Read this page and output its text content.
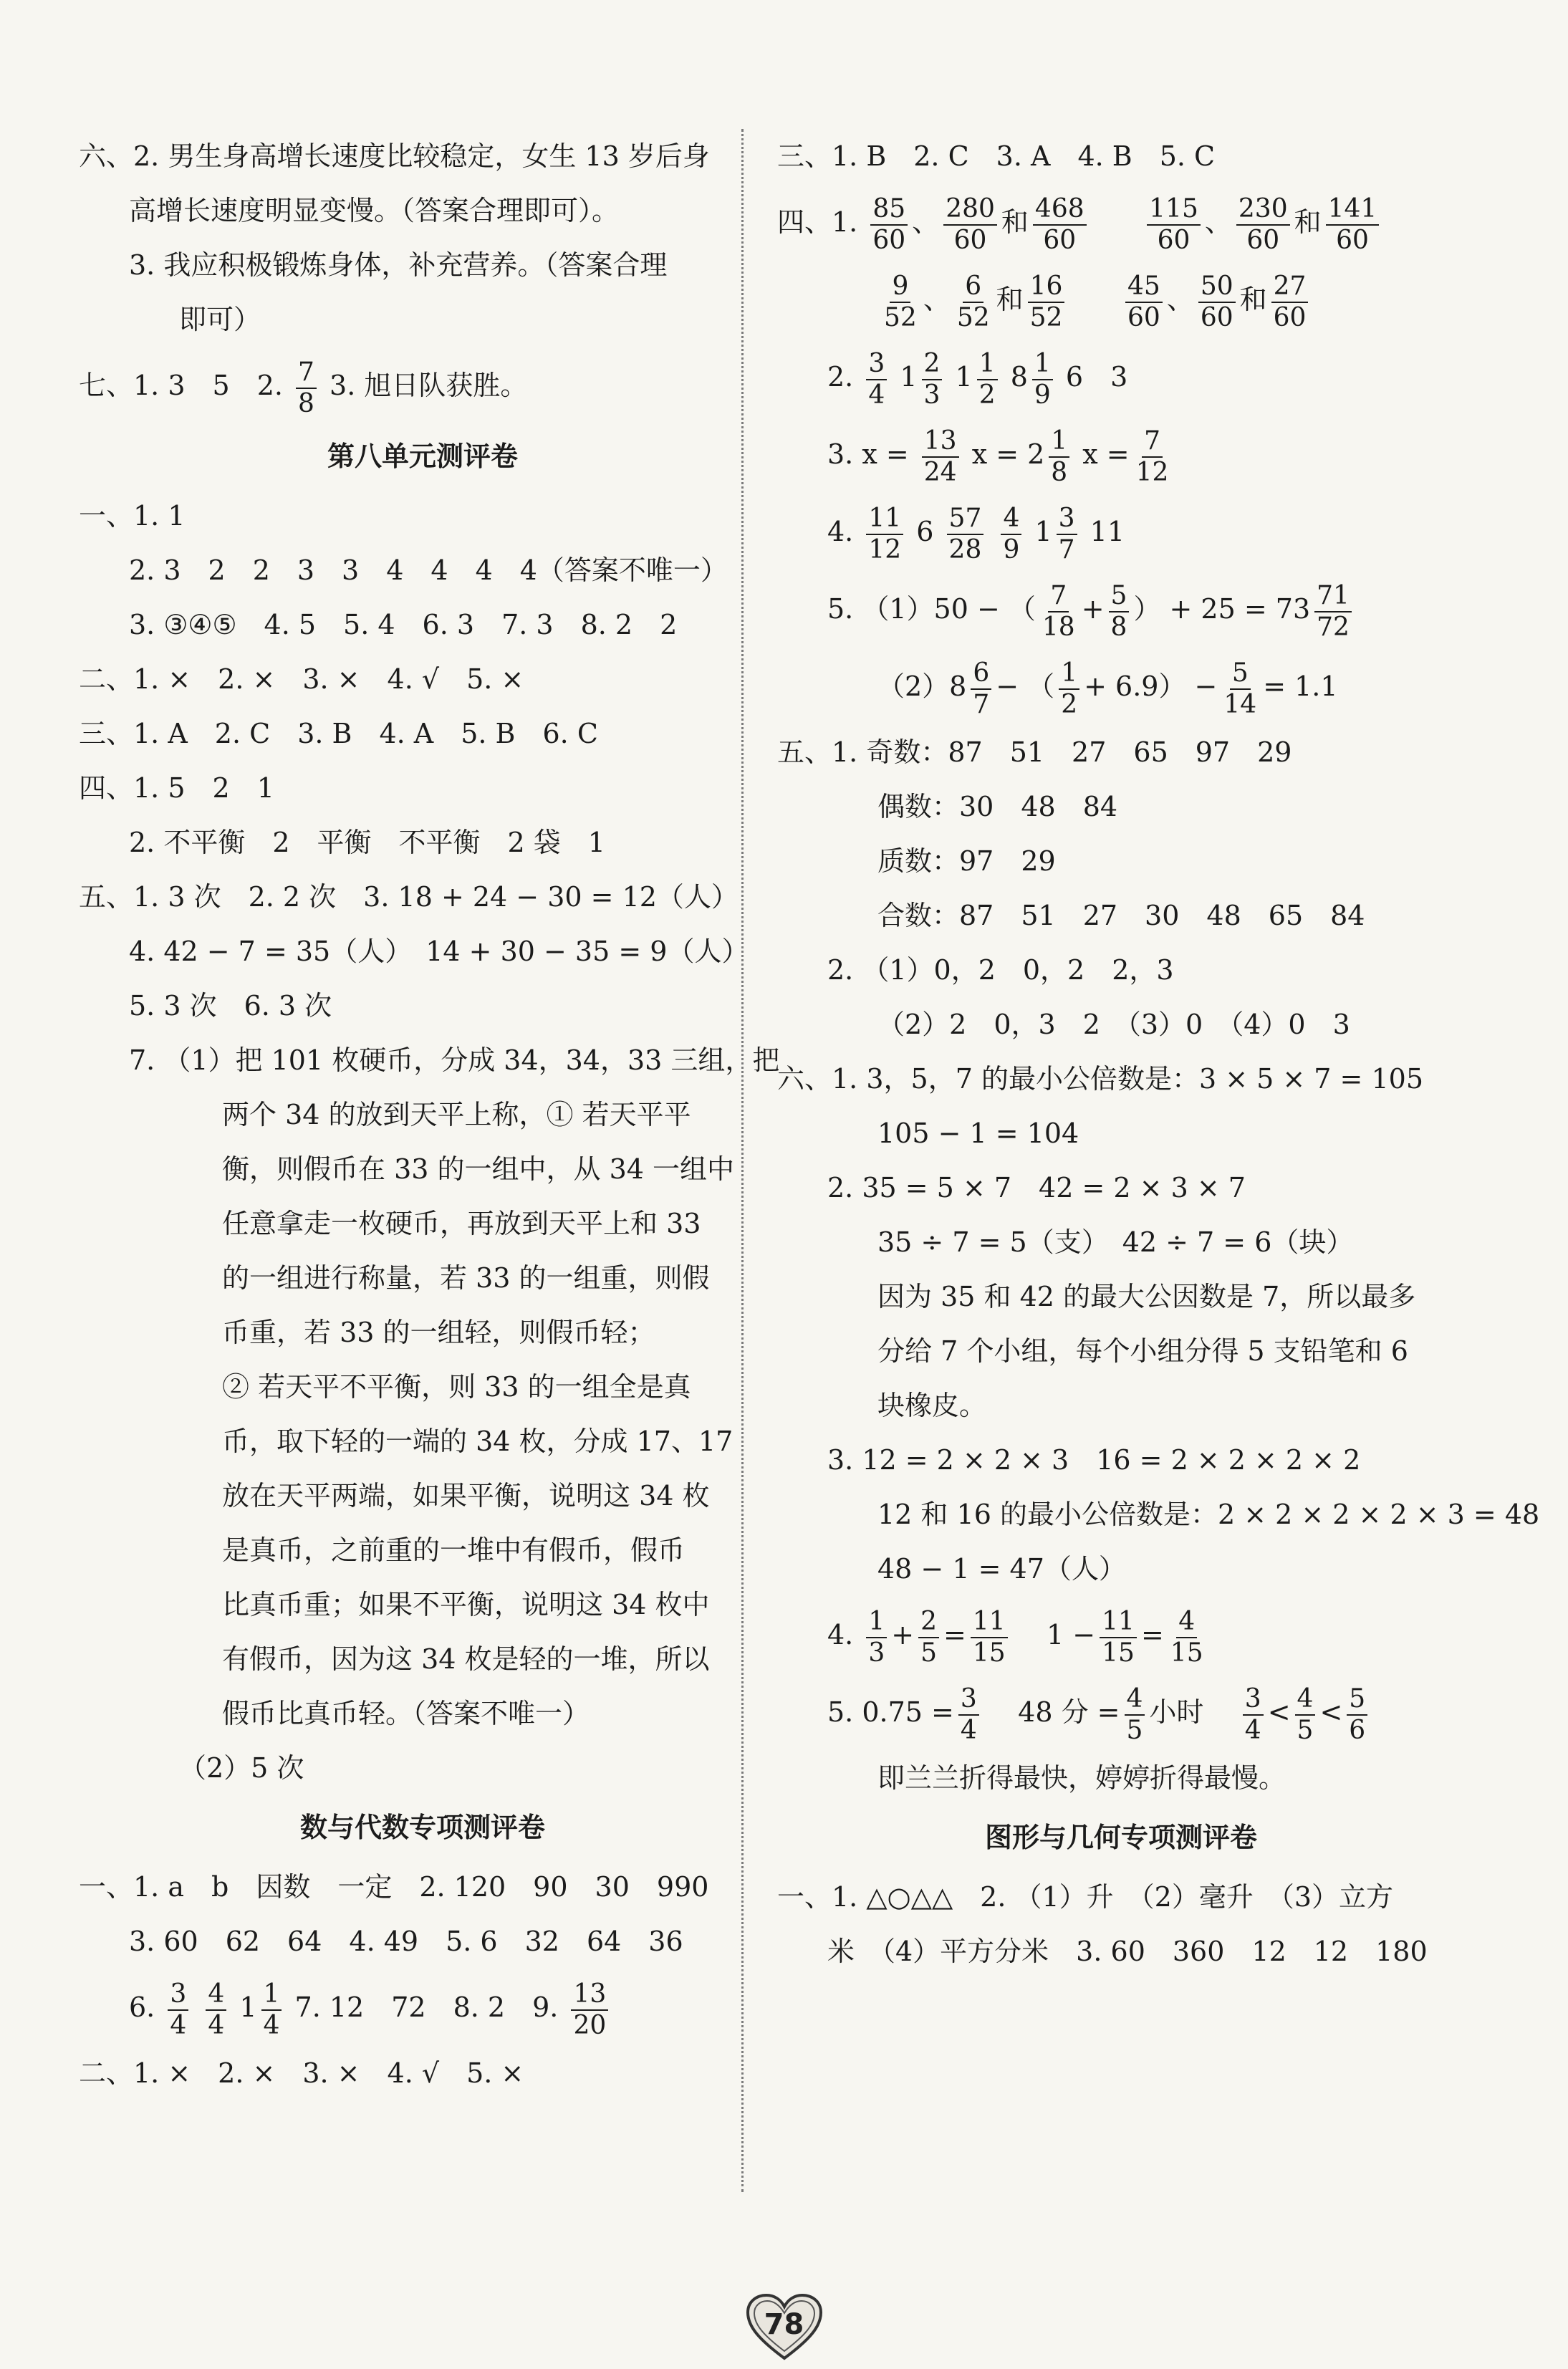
六、2. 男生身高增长速度比较稳定，女生 13 岁后身
高增长速度明显变慢。（答案合理即可）。
3. 我应积极锻炼身体，补充营养。（答案合理
即可）
七、1. 3　5　2. $\frac{7}{8} 3$. 旭日队获胜。
第八单元测评卷
一、1. 1
2. 3　2　2　3　3　4　4　4　4（答案不唯一）
3. ③④⑤　4. 5　5. 4　6. 3　7. 3　8. 2　2
二、1. ×　2. ×　3. ×　4. √　5. ×
三、1. A　2. C　3. B　4. A　5. B　6. C
四、1. 5　2　1
2. 不平衡　2　平衡　不平衡　2 袋　1
五、1. 3 次　2. 2 次　3. 18 + 24 − 30 = 12（人）
4. 42 − 7 = 35（人）　14 + 30 − 35 = 9（人）
5. 3 次　6. 3 次
7. （1）把 101 枚硬币，分成 34，34，33 三组，把
两个 34 的放到天平上称，① 若天平平
衡，则假币在 33 的一组中，从 34 一组中
任意拿走一枚硬币，再放到天平上和 33
的一组进行称量，若 33 的一组重，则假
币重，若 33 的一组轻，则假币轻；
② 若天平不平衡，则 33 的一组全是真
币，取下轻的一端的 34 枚，分成 17、17
放在天平两端，如果平衡，说明这 34 枚
是真币，之前重的一堆中有假币，假币
比真币重；如果不平衡，说明这 34 枚中
有假币，因为这 34 枚是轻的一堆，所以
假币比真币轻。（答案不唯一）
（2）5 次
数与代数专项测评卷
一、1. a　b　因数　一定　2. 120　90　30　990
3. 60　62　64　4. 49　5. 6　32　64　36
6. $\frac{3}{4}$
$\frac{4}{4} 1 \frac{1}{4} 7$. 12　72　8. 2　9. $\frac{13}{20}$
二、1. ×　2. ×　3. ×　4. √　5. ×
三、1. B　2. C　3. A　4. B　5. C
四、1. $\frac{85}{60}$ 、 $\frac{280}{60}$ 和 $\frac{468}{60}$
$\frac{115}{60}$ 、 $\frac{230}{60}$ 和 $\frac{141}{60}$
$\frac{9}{52}$ 、 $\frac{6}{52}$ 和 $\frac{16}{52}$
$\frac{45}{60}$ 、 $\frac{50}{60}$ 和 $\frac{27}{60}$
2. $\frac{3}{4} 1 \frac{2}{3} 1 \frac{1}{2} 8 \frac{1}{9} 6$　3
3. $x = \frac{13}{24}$ $x = 2 \frac{1}{8}$ $x = \frac{7}{12}$
4. $\frac{11}{12} 6 \frac{57}{28}$
$\frac{4}{9} 1 \frac{3}{7} 11$
5. （1）50 − （ $\frac{7}{18} + \frac{5}{8}$ ） + $25 = 73 \frac{71}{72}$
$(2)8 \frac{6}{7}$ − （ $\frac{1}{2} + 6.9) - \frac{5}{14} = 1.1$
五、1. 奇数：87　51　27　65　97　29
偶数：30　48　84
质数：97　29
合数：87　51　27　30　48　65　84
2. （1）0，2　0，2　2，3
（2）2　0，3　2　（3）0　（4）0　3
六、1. 3，5，7 的最小公倍数是：3 × 5 × 7 = 105
105 − 1 = 104
2. 35 = 5 × 7　42 = 2 × 3 × 7
35 ÷ 7 = 5（支）　42 ÷ 7 = 6（块）
因为 35 和 42 的最大公因数是 7，所以最多
分给 7 个小组，每个小组分得 5 支铅笔和 6
块橡皮。
3. 12 = 2 × 2 × 3　16 = 2 × 2 × 2 × 2
12 和 16 的最小公倍数是：2 × 2 × 2 × 2 × 3 = 48
48 − 1 = 47（人）
4. $\frac{1}{3} + \frac{2}{5} = \frac{11}{15} 1 - \frac{11}{15} = \frac{4}{15}$
5. $0.75 = \frac{3}{4} 48$ 分 = $\frac{4}{5}$ 小时 $\frac{3}{4} < \frac{4}{5} < \frac{5}{6}$
即兰兰折得最快，婷婷折得最慢。
图形与几何专项测评卷
一、1. △○△△　2. （1）升　（2）毫升　（3）立方
米　（4）平方分米　3. 60　360　12　12　180
78
